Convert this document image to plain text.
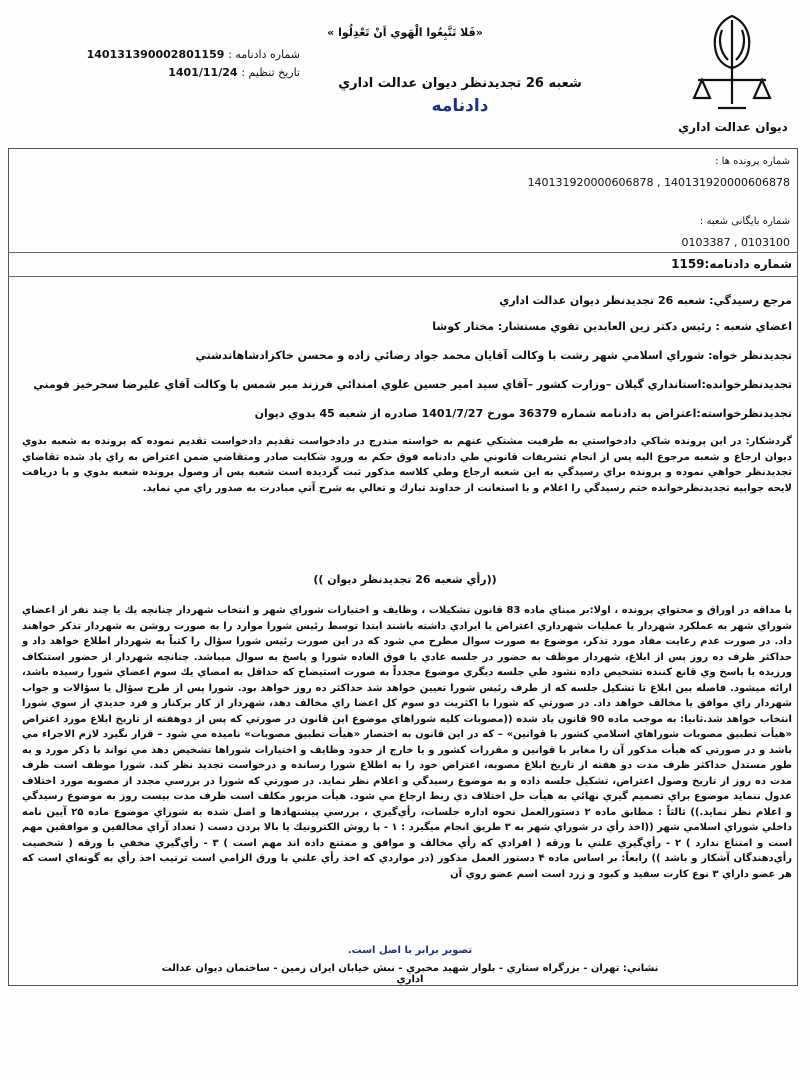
ديوان عدالت اداري
«فَلا تَتَّبِعُوا الْهَوي اَنْ تَعْدِلُوا »
شعبه 26 تجدیدنظر دیوان عدالت اداري
دادنامه
شماره دادنامه : 140131390002801159
تاریخ تنظیم : 1401/11/24
شماره پرونده ها :
140131920000606878 , 140131920000606878
شماره بایگانی شعبه :
0103387 , 0103100
شماره دادنامه:1159
مرجع رسيدگي: شعبه 26 تجديدنظر ديوان عدالت اداري
اعضاي شعبه : رئيس دكتر زين العابدين تقوي مستشار: مختار كوشا
تجديدنظر خواه: شوراي اسلامي شهر رشت با وكالت آقايان محمد جواد رضائي زاده و محسن خاكزادشاهاندشتي
تجديدنظرخوانده:استانداري گيلان –وزارت كشور –آقاي سيد امير حسين علوي امندائي فرزند مير شمس با وكالت آقاي عليرضا سحرخيز فومني
تجديدنظرخواسته:اعتراض به دادنامه شماره 36379 مورخ 1401/7/27 صادره از شعبه 45 بدوي ديوان
گردشكار: در اين پرونده شاكي دادخواستي به طرفيت مشتكي عنهم به خواسته مندرج در دادخواست تقديم دادخواست تقديم نموده كه پرونده به شعبه بدوي ديوان ارجاع و شعبه مرجوع اليه پس از انجام تشريفات قانوني طي دادنامه فوق حكم به ورود شكايت صادر ومتقاضي ضمن اعتراض به راي ياد شده تقاضاي تجديدنظر خواهي نموده و پرونده براي رسيدگي به اين شعبه ارجاع وطي كلاسه مذكور ثبت گرديده است شعبه پس از وصول پرونده شعبه بدوي و با دريافت لايحه جوابيه تجديدنظرخوانده ختم رسيدگي را اعلام و با استعانت از خداوند تبارك و تعالي به شرح آتي مبادرت به صدور راي مي نمايد.
((رأي شعبه 26 تجديدنظر ديوان ))
با مداقه در اوراق و محتواي پرونده ، اولا:بر مبناي ماده 83 قانون تشكيلات ، وظايف و اختيارات شوراي شهر و انتخاب شهردار چنانچه يك يا چند نفر از اعضاي شوراي شهر به عملكرد شهردار يا عمليات شهرداري اعتراض يا ايرادي داشته باشند ابتدا توسط رئيس شورا موارد را به صورت روشن به شهردار تذكر خواهند داد. در صورت عدم رعايت مفاد مورد تذكر، موضوع به صورت سوال مطرح مي شود كه در اين صورت رئيس شورا سؤال را كتباً به شهردار اطلاع خواهد داد و حداكثر ظرف ده روز پس از ابلاغ، شهردار موظف به حضور در جلسه عادي يا فوق العاده شورا و پاسخ به سوال ميباشد. چنانچه شهردار از حضور استنكاف ورزيده يا پاسخ وي قانع كننده تشخيص داده نشود طي جلسه ديگري موضوع مجدداً به صورت استيضاح كه حداقل به امضاي يك سوم اعضاي شورا رسيده باشد، ارائه ميشود. فاصله بين ابلاغ تا تشكيل جلسه كه از طرف رئيس شورا تعيين خواهد شد حداكثر ده روز خواهد بود. شورا پس از طرح سؤال يا سؤالات و جواب شهردار راي موافق يا مخالف خواهد داد. در صورتي كه شورا با اكثريت دو سوم كل اعضا راي مخالف دهد، شهردار از كار بركنار و فرد جديدي از سوي شورا انتخاب خواهد شد.ثانيا: به موجب ماده 90 قانون ياد شده ((مصوبات كليه شوراهاي موضوع اين قانون در صورتي كه پس از دوهفته از تاريخ ابلاغ مورد اعتراض «هيأت تطبيق مصوبات شوراهاي اسلامي كشور با قوانين» – كه در اين قانون به اختصار «هيأت تطبيق مصوبات» ناميده مي شود – قرار نگيرد لازم الاجراء مي باشد و در صورتي كه هيأت مذكور آن را مغاير با قوانين و مقررات كشور و يا خارج از حدود وظايف و اختيارات شوراها تشخيص دهد مي تواند با ذكر مورد و به طور مستدل حداكثر ظرف مدت دو هفته از تاريخ ابلاغ مصوبه، اعتراض خود را به اطلاع شورا رسانده و درخواست تجديد نظر كند. شورا موظف است ظرف مدت ده روز از تاريخ وصول اعتراض، تشكيل جلسه داده و به موضوع رسيدگي و اعلام نظر نمايد. در صورتي كه شورا در بررسي مجدد از مصوبه مورد اختلاف عدول ننمايد موضوع براي تصميم گيري نهائي به هيأت حل اختلاف ذي ربط ارجاع مي شود. هيأت مزبور مكلف است ظرف مدت بيست روز به موضوع رسيدگي و اعلام نظر نمايد.)) ثالثاً : مطابق ماده ۲ دستورالعمل نحوه اداره جلسات، رأي‌گيري ، بررسي پيشنهادها و اصل شده به شوراي موضوع ماده ۲۵ آيين نامه داخلي شوراي اسلامي شهر ((اخذ رأي در شوراي شهر به ۳ طريق انجام ميگيرد : ۱ - با روش الكترونيك يا بالا بردن دست ( تعداد آراي مخالفين و موافقين مهم است و امتناع ندارد ) ۲ - رأي‌گيري علني با ورقه ( افرادي كه رأي مخالف و موافق و ممتنع داده اند مهم است ) ۳ - رأي‌گيري مخفي با ورقه ( شخصيت رأي‌دهندگان آشكار و باشد )) رابعاً: بر اساس ماده ۴ دستور العمل مذكور (در مواردي كه اخذ رأي علني با ورق الزامي است ترتيب اخذ رأي به گونه‌اي است كه هر عضو داراي ۳ نوع كارت سفيد و كبود و زرد است اسم عضو روي آن
تصوير برابر با اصل است.
نشاني: تهران - بزرگراه ستاري - بلوار شهيد مخبري - نبش خيابان ايران زمين - ساختمان ديوان عدالت اداري
